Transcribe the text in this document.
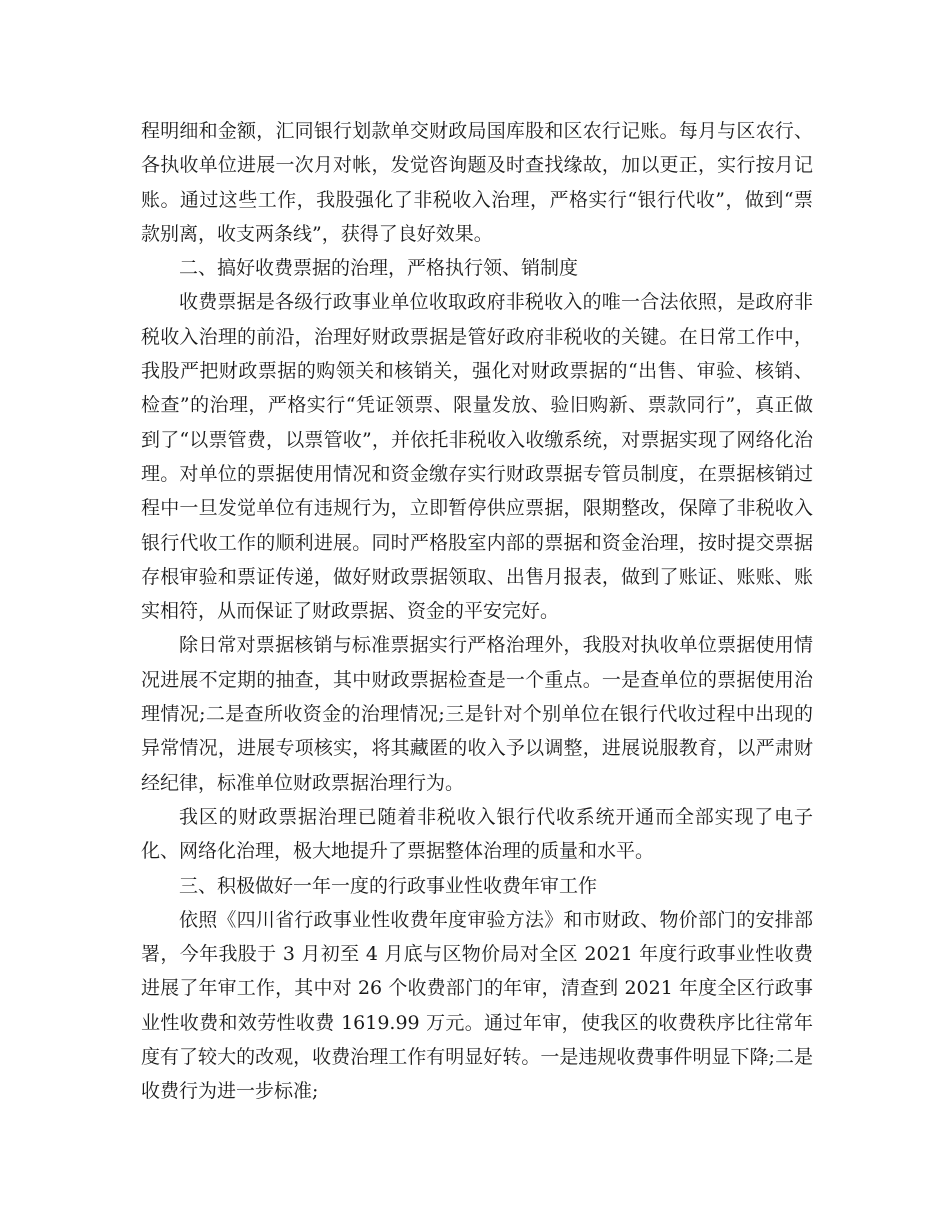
程明细和金额，汇同银行划款单交财政局国库股和区农行记账。每月与区农行、各执收单位进展一次月对帐，发觉咨询题及时查找缘故，加以更正，实行按月记账。通过这些工作，我股强化了非税收入治理，严格实行“银行代收”，做到“票款别离，收支两条线”，获得了良好效果。

二、搞好收费票据的治理，严格执行领、销制度

收费票据是各级行政事业单位收取政府非税收入的唯一合法依照，是政府非税收入治理的前沿，治理好财政票据是管好政府非税收的关键。在日常工作中，我股严把财政票据的购领关和核销关，强化对财政票据的“出售、审验、核销、检查”的治理，严格实行“凭证领票、限量发放、验旧购新、票款同行”，真正做到了“以票管费，以票管收”，并依托非税收入收缴系统，对票据实现了网络化治理。对单位的票据使用情况和资金缴存实行财政票据专管员制度，在票据核销过程中一旦发觉单位有违规行为，立即暂停供应票据，限期整改，保障了非税收入银行代收工作的顺利进展。同时严格股室内部的票据和资金治理，按时提交票据存根审验和票证传递，做好财政票据领取、出售月报表，做到了账证、账账、账实相符，从而保证了财政票据、资金的平安完好。

除日常对票据核销与标准票据实行严格治理外，我股对执收单位票据使用情况进展不定期的抽查，其中财政票据检查是一个重点。一是查单位的票据使用治理情况;二是查所收资金的治理情况;三是针对个别单位在银行代收过程中出现的异常情况，进展专项核实，将其藏匿的收入予以调整，进展说服教育，以严肃财经纪律，标准单位财政票据治理行为。

我区的财政票据治理已随着非税收入银行代收系统开通而全部实现了电子化、网络化治理，极大地提升了票据整体治理的质量和水平。

三、积极做好一年一度的行政事业性收费年审工作

依照《四川省行政事业性收费年度审验方法》和市财政、物价部门的安排部署，今年我股于 3 月初至 4 月底与区物价局对全区 2021 年度行政事业性收费进展了年审工作，其中对 26 个收费部门的年审，清查到 2021 年度全区行政事业性收费和效劳性收费 1619.99 万元。通过年审，使我区的收费秩序比往常年度有了较大的改观，收费治理工作有明显好转。一是违规收费事件明显下降;二是收费行为进一步标准;
